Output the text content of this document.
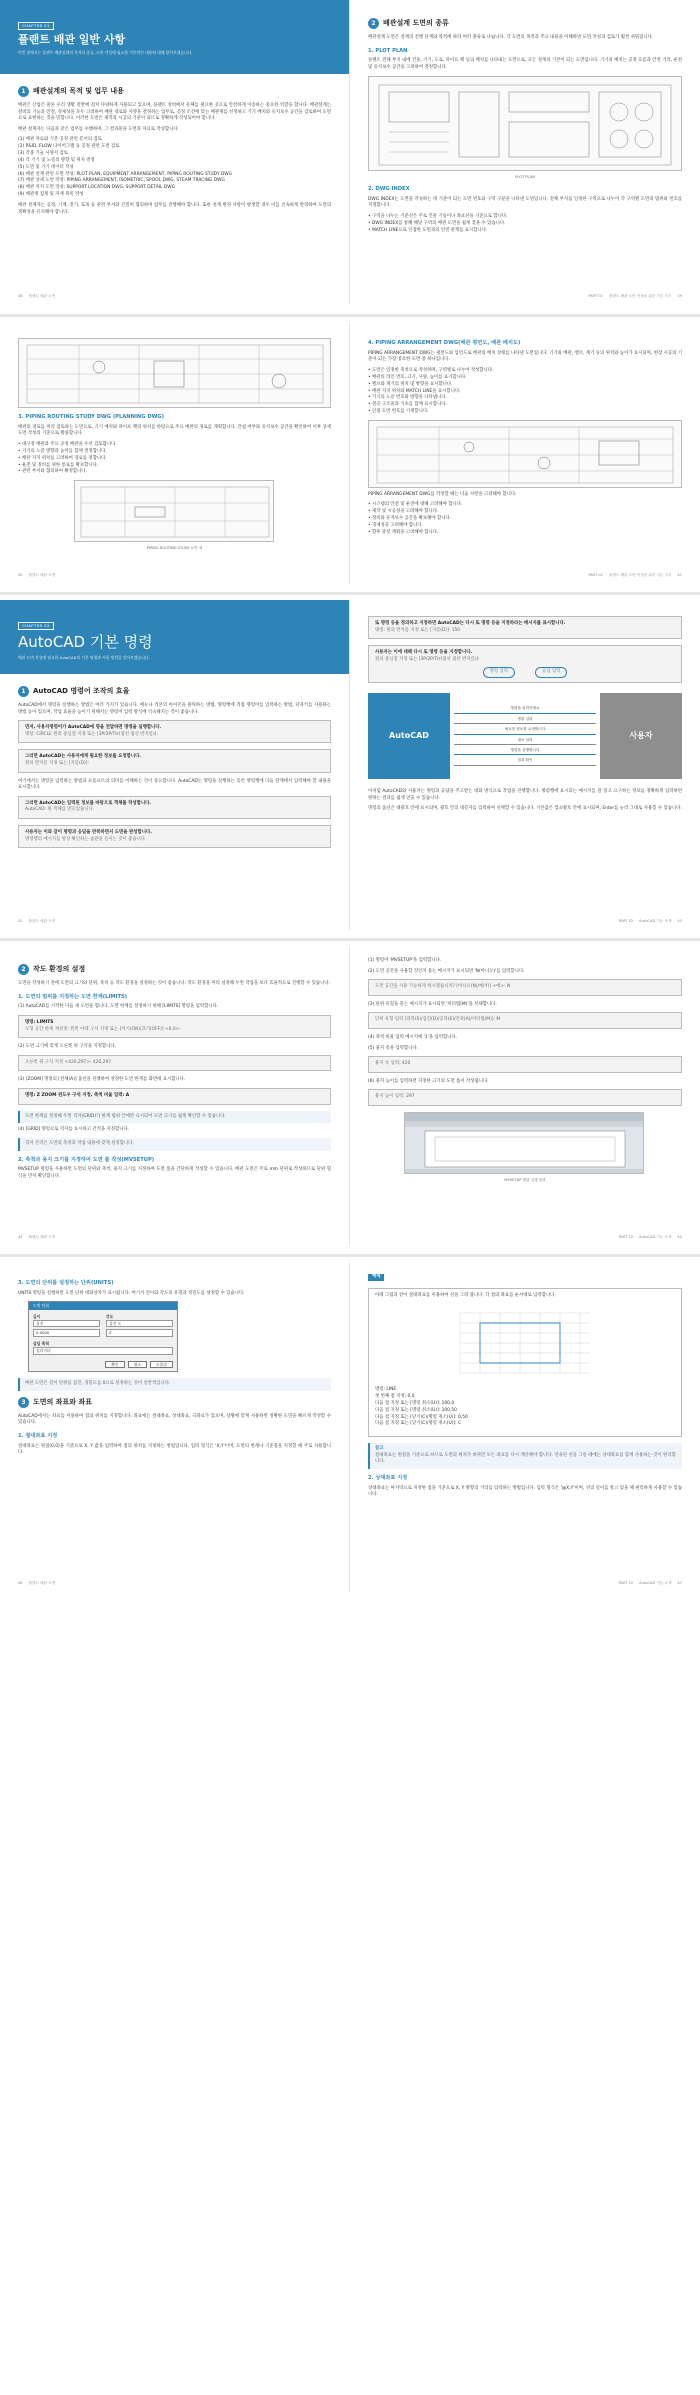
CHAPTER 01
플랜트 배관 일반 사항
이번 장에서는 플랜트 배관설계의 목적과 종류, 도면 작성에 필요한 기본적인 내용에 대해 알아보겠습니다.
1	배관설계의 목적 및 업무 내용

배관은 산업은 물론 우리 생활 전반에 걸쳐 다양하게 사용되고 있으며, 플랜트 설비에서 유체를 필요한 곳으로 안전하게 이송하는 중요한 역할을 합니다. 배관설계는 설비의 기능과 안전, 경제성을 모두 고려하여 배관 경로와 사양을 결정하는 업무로, 공정 조건에 맞는 배관재를 선정하고 기기 배치와 유지보수 공간을 검토하여 도면으로 표현하는 것을 말합니다. 이러한 도면은 제작과 시공의 기준이 되므로 정확하게 작성되어야 합니다.

배관 설계자는 다음과 같은 업무를 수행하며, 그 결과물을 도면과 자료로 작성합니다.

(1) 배관 자료와 기본 공정 관련 문서의 검토
(2) P&ID, FLOW 다이어그램 등 공정 관련 도면 검토
(3) 각종 기술 사양서 검토
(4) 각 기기 및 노즐의 방향 및 위치 결정
(5) 도면 및 기기 데이터 작성
(6) 배관 설계 관련 도면 작성: PLOT PLAN, EQUIPMENT ARRANGEMENT, PIPING ROUTING STUDY DWG
(7) 배관 상세 도면 작성: PIPING ARRANGEMENT, ISOMETRIC, SPOOL DWG, STEAM TRACING DWG
(8) 배관 지지 도면 작성: SUPPORT LOCATION DWG, SUPPORT DETAIL DWG
(9) 배관재 집계 및 자재 목록 작성

배관 설계자는 공정, 기계, 전기, 토목 등 관련 부서와 긴밀히 협의하며 업무를 진행해야 합니다. 또한 설계 변경 사항이 발생할 경우 이를 신속하게 반영하여 도면의 정확성을 유지해야 합니다.

38 플랜트 배관 도면
2	배관설계 도면의 종류

배관설계 도면은 설계의 진행 단계와 목적에 따라 여러 종류로 나뉩니다. 각 도면의 목적과 주요 내용을 이해하면 도면 작성과 검토가 훨씬 쉬워집니다.

1. PLOT PLAN

플랜트 전체 부지 내에 건물, 기기, 도로, 파이프 랙 등의 배치를 나타내는 도면으로, 모든 설계의 기본이 되는 도면입니다. 기기의 배치는 공정 흐름과 안전 거리, 운전 및 유지보수 공간을 고려하여 결정합니다.

PLOT PLAN
2. DWG INDEX

DWG INDEX는 도면을 작성하는 데 기준이 되는 도면 번호와 구역 구분을 나타낸 도면입니다. 전체 부지를 일정한 구역으로 나누어 각 구역별 도면의 범위와 번호를 지정합니다.

• 구역을 나누는 기준선은 주로 건물 기둥이나 좌표선을 기준으로 합니다.
• DWG INDEX를 통해 해당 구역의 배관 도면을 쉽게 찾을 수 있습니다.
• MATCH LINE으로 인접한 도면과의 연결 관계를 표시합니다.
PART 01 플랜트 배관 도면 작성을 위한 기본 지식 39
3. PIPING ROUTING STUDY DWG (PLANNING DWG)

배관의 경로를 미리 검토하는 도면으로, 기기 배치와 파이프 랙의 위치를 바탕으로 주요 배관의 경로를 계획합니다. 간섭 여부와 유지보수 공간을 확인하여 이후 상세 도면 작성의 기준으로 활용합니다.

• 대구경 배관과 주요 공정 배관을 우선 검토합니다.
• 기기의 노즐 방향과 높이를 함께 결정합니다.
• 배관 지지 위치를 고려하여 경로를 정합니다.
• 운전 및 정비를 위한 통로를 확보합니다.
• 관련 부서와 협의하여 확정합니다.
PIPING ROUTING STUDY 도면 예
40 플랜트 배관 도면
4. PIPING ARRANGEMENT DWG(배관 평면도, 배관 배치도)

PIPING ARRANGEMENT DWG는 평면도와 입면도로 배관의 배치 상태를 나타낸 도면입니다. 기기와 배관, 밸브, 계기 등의 위치와 높이가 표시되며, 현장 시공의 기준이 되는 가장 중요한 도면 중 하나입니다.

• 도면은 일정한 축척으로 작성하며, 구역별로 나누어 작성합니다.
• 배관의 라인 번호, 크기, 사양, 높이를 표기합니다.
• 밸브와 계기의 위치 및 방향을 표시합니다.
• 배관 지지 위치와 MATCH LINE을 표시합니다.
• 기기의 노즐 번호와 방향을 나타냅니다.
• 철골 구조물과 기초를 함께 표시합니다.
• 인접 도면 번호를 기재합니다.

PIPING ARRANGEMENT DWG를 작성할 때는 다음 사항을 고려해야 합니다.

• 시스템의 안전 및 운전에 대해 고려해야 합니다.
• 제작 및 시공성을 고려해야 합니다.
• 정비와 유지보수 공간을 확보해야 합니다.
• 경제성을 고려해야 합니다.
• 향후 증설 계획을 고려해야 합니다.
PART 01 플랜트 배관 도면 작성을 위한 기본 지식 41
CHAPTER 02
AutoCAD 기본 명령
배관 도면 작성에 필요한 AutoCAD의 기본 명령과 사용 방법을 알아보겠습니다.
1	AutoCAD 명령어 조작의 효율

AutoCAD에서 명령을 실행하는 방법은 여러 가지가 있습니다. 메뉴나 리본의 아이콘을 클릭하는 방법, 명령행에 직접 명령어를 입력하는 방법, 단축키를 사용하는 방법 등이 있으며, 작업 효율을 높이기 위해서는 명령어 입력 방식에 익숙해지는 것이 좋습니다.

먼저, 사용자명령어가 AutoCAD에 명을 전달하면 명령을 실행합니다.
명령: CIRCLE 원의 중심점 지정 또는 [3P/2P/Ttr(접선 접선 반지름)]:
그러면 AutoCAD는 사용자에게 필요한 정보를 요청합니다.
원의 반지름 지정 또는 [지름(D)]:

여기에서는 명령을 입력하는 방법과 프롬프트의 의미를 이해하는 것이 중요합니다. AutoCAD는 명령을 실행하는 동안 명령행에 다음 단계에서 입력해야 할 내용을 표시합니다.

그러면 AutoCAD는 입력된 정보를 바탕으로 객체를 작성합니다.
AutoCAD: 원 객체를 만들었습니다.
사용자는 이와 같이 명령과 응답을 반복하면서 도면을 완성합니다.
명령행의 메시지를 항상 확인하는 습관을 들이는 것이 좋습니다.
42 플랜트 배관 도면
또 명령 등을 정의하고 지정하면 AutoCAD는 다시 또 명령 등을 지정하라는 메시지를 표시합니다.
명령: 원의 반지름 지정 또는 [지름(D)]: 150
사용자는 이에 대해 다시 또 명령 등을 지정합니다.
원의 중심점 지정 또는 [3P/2P/Ttr(접선 접선 반지름)]:
명령 입력	응답 입력
AutoCAD
명령을 입력하세요
명령 입력
필요한 정보를 요청합니다
정보 입력
명령을 실행합니다
결과 확인
사용자

이처럼 AutoCAD와 사용자는 명령과 응답을 주고받는 대화 방식으로 작업을 진행합니다. 명령행에 표시되는 메시지를 잘 읽고 요구하는 정보를 정확하게 입력하면 원하는 결과를 쉽게 얻을 수 있습니다.

명령의 옵션은 대괄호 안에 표시되며, 괄호 안의 대문자를 입력하여 선택할 수 있습니다. 기본값은 꺾쇠괄호 안에 표시되며, Enter를 눌러 그대로 사용할 수 있습니다.

PART 02 AutoCAD 기능 소개 43
2	작도 환경의 설정

도면을 작성하기 전에 도면의 크기와 단위, 축척 등 작도 환경을 설정하는 것이 좋습니다. 작도 환경을 미리 설정해 두면 작업을 보다 효율적으로 진행할 수 있습니다.

1. 도면의 범위를 지정하는 도면 한계(LIMITS)

(1) AutoCAD를 시작한 다음 새 도면을 엽니다. 도면 한계를 설정하기 위해 [LIMITS] 명령을 입력합니다.

명령: LIMITS
모형 공간 한계 재설정: 왼쪽 아래 구석 지정 또는 [켜기(ON)/끄기(OFF)] <0,0>:

(2) 도면 크기에 맞게 오른쪽 위 구석을 지정합니다.

오른쪽 위 구석 지정 <420,297>: 420,297

(3) [ZOOM] 명령의 [전체(A)] 옵션을 실행하여 설정한 도면 한계를 화면에 표시합니다.

명령: Z ZOOM 윈도우 구석 지정, 축척 비율 입력: A
도면 한계를 설정해 두면 격자(GRID)가 한계 범위 안에만 표시되어 도면 크기를 쉽게 확인할 수 있습니다.

(4) [GRID] 명령으로 격자를 표시하고 간격을 지정합니다.

격자 간격은 도면의 축척과 작업 내용에 맞게 설정합니다.
2. 축척과 용지 크기를 지정하여 도면 틀 작성(MVSETUP)

MVSETUP 명령을 사용하면 도면의 단위와 축척, 용지 크기를 지정하여 도면 틀을 간단하게 작성할 수 있습니다. 배관 도면은 주로 mm 단위로 작성하므로 단위 형식을 먼저 확인합니다.

44 플랜트 배관 도면

(1) 명령어 'MVSETUP'을 입력합니다.

(2) 도면 공간을 사용할 것인지 묻는 메시지가 표시되면 'N(아니오)'를 입력합니다.

도면 공간을 사용 가능하게 하시겠습니까? [아니오(N)/예(Y)] <예>: N

(3) 단위 유형을 묻는 메시지가 표시되면 '미터법(M)'을 선택합니다.

단위 유형 입력 [과학(S)/십진(D)/공학(E)/건축(A)/미터법(M)]: M

(4) 축척 비율 입력 메시지에 '1'을 입력합니다.

(5) 용지 폭을 입력합니다.

용지 폭 입력: 420

(6) 용지 높이를 입력하면 지정한 크기의 도면 틀이 작성됩니다.

용지 높이 입력: 297
MVSETUP 명령 실행 결과
PART 02 AutoCAD 기능 소개 45
3. 도면의 단위를 설정하는 단위(UNITS)

UNITS 명령을 실행하면 도면 단위 대화상자가 표시됩니다. 여기서 길이와 각도의 유형과 정밀도를 설정할 수 있습니다.

도면 단위
길이
십진
0.0000
각도
십진 도
0
삽입 축척
밀리미터
확인	취소	도움말
배관 도면은 길이 단위를 십진, 정밀도를 0으로 설정하는 것이 일반적입니다.
3	도면의 좌표와 좌표

AutoCAD에서는 좌표를 이용하여 점의 위치를 지정합니다. 좌표에는 절대좌표, 상대좌표, 극좌표가 있으며, 상황에 맞게 사용하면 정확한 도면을 빠르게 작성할 수 있습니다.

1. 절대좌표 지정

절대좌표는 원점(0,0)을 기준으로 X, Y 값을 입력하여 점의 위치를 지정하는 방법입니다. 입력 형식은 'X,Y'이며, 도면의 한계나 기준점을 지정할 때 주로 사용합니다.

46 플랜트 배관 도면
예제

아래 그림과 같이 절대좌표를 이용하여 선을 그려 봅니다. 각 점의 좌표를 순서대로 입력합니다.

명령: LINE
첫 번째 점 지정: 0,0
다음 점 지정 또는 [명령 취소(U)]: 100,0
다음 점 지정 또는 [명령 취소(U)]: 100,50
다음 점 지정 또는 [닫기(C)/명령 취소(U)]: 0,50
다음 점 지정 또는 [닫기(C)/명령 취소(U)]: C
참고
절대좌표는 원점을 기준으로 하므로 도면의 위치가 바뀌면 모든 좌표를 다시 계산해야 합니다. 연속된 선을 그릴 때에는 상대좌표를 함께 사용하는 것이 편리합니다.
2. 상대좌표 지정

상대좌표는 마지막으로 지정한 점을 기준으로 X, Y 방향의 거리를 입력하는 방법입니다. 입력 형식은 '@X,Y'이며, 선의 길이를 알고 있을 때 편리하게 사용할 수 있습니다.

PART 02 AutoCAD 기능 소개 47
